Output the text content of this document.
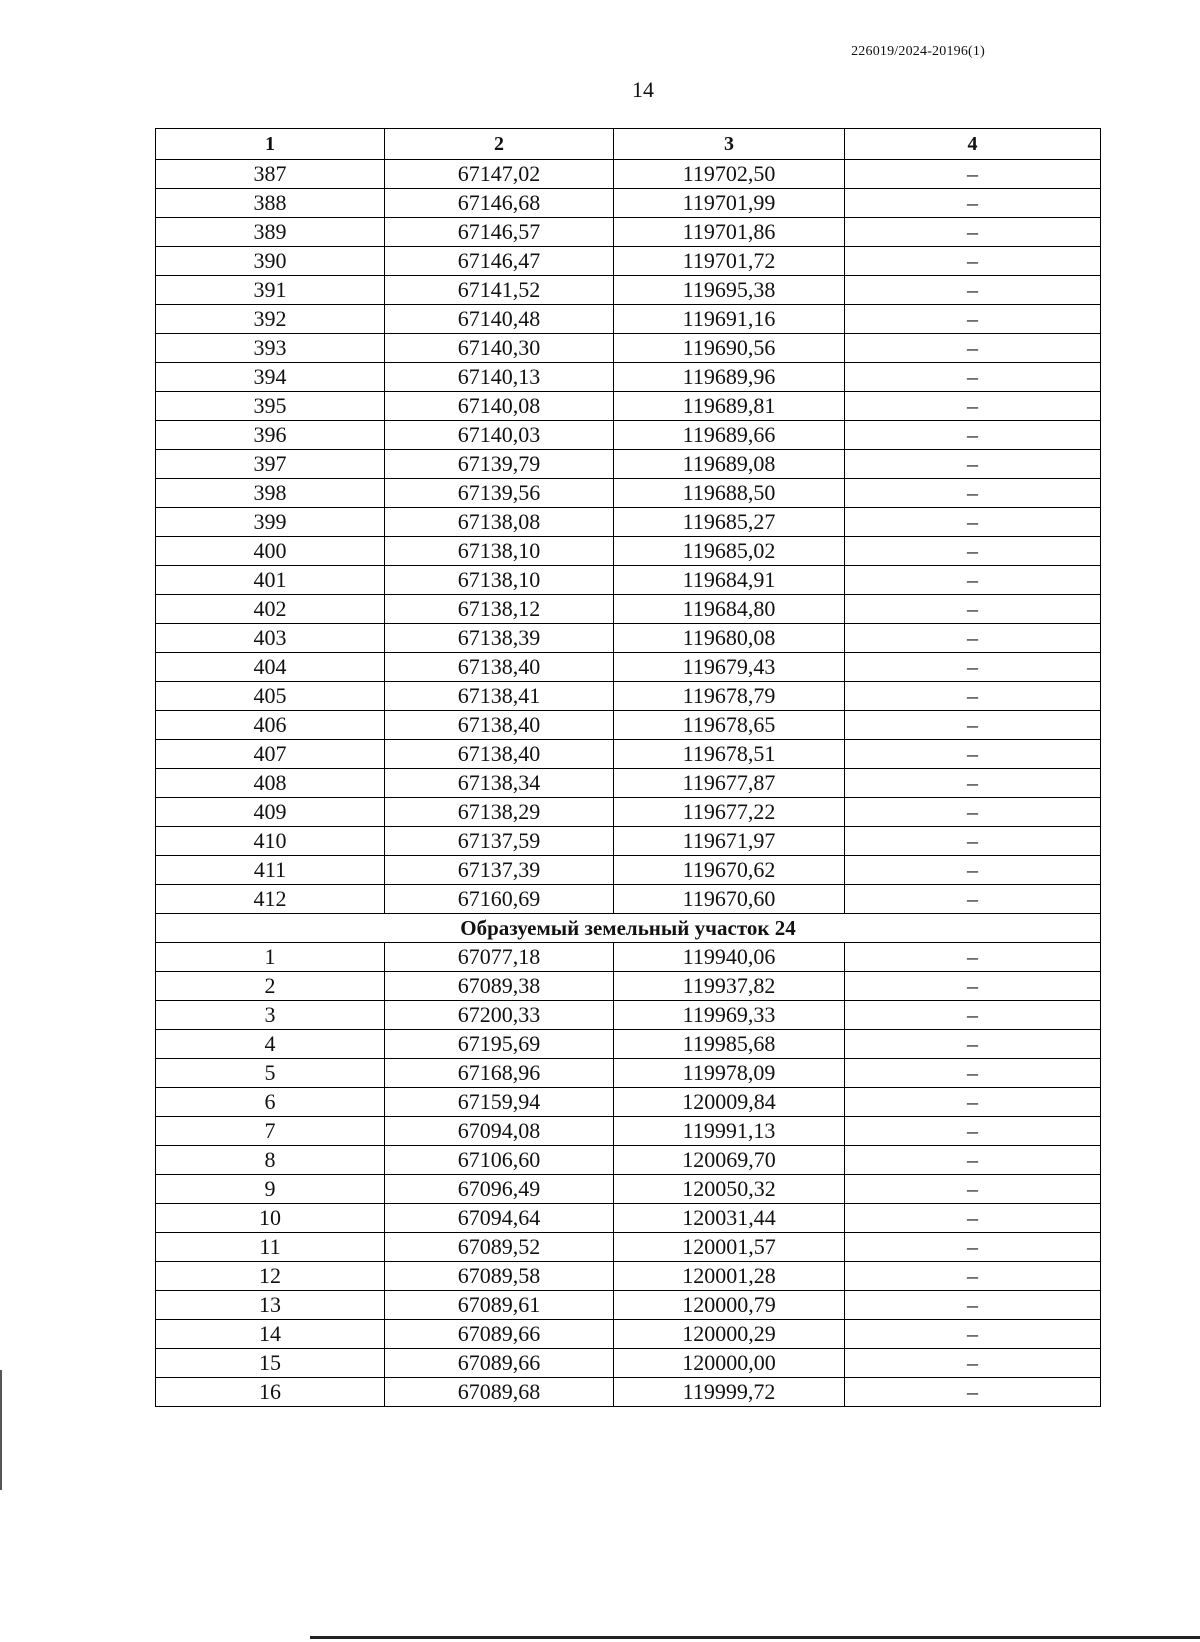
226019/2024-20196(1)
14
1	2	3	4
387	67147,02	119702,50	–
388	67146,68	119701,99	–
389	67146,57	119701,86	–
390	67146,47	119701,72	–
391	67141,52	119695,38	–
392	67140,48	119691,16	–
393	67140,30	119690,56	–
394	67140,13	119689,96	–
395	67140,08	119689,81	–
396	67140,03	119689,66	–
397	67139,79	119689,08	–
398	67139,56	119688,50	–
399	67138,08	119685,27	–
400	67138,10	119685,02	–
401	67138,10	119684,91	–
402	67138,12	119684,80	–
403	67138,39	119680,08	–
404	67138,40	119679,43	–
405	67138,41	119678,79	–
406	67138,40	119678,65	–
407	67138,40	119678,51	–
408	67138,34	119677,87	–
409	67138,29	119677,22	–
410	67137,59	119671,97	–
411	67137,39	119670,62	–
412	67160,69	119670,60	–
Образуемый земельный участок 24			
1	67077,18	119940,06	–
2	67089,38	119937,82	–
3	67200,33	119969,33	–
4	67195,69	119985,68	–
5	67168,96	119978,09	–
6	67159,94	120009,84	–
7	67094,08	119991,13	–
8	67106,60	120069,70	–
9	67096,49	120050,32	–
10	67094,64	120031,44	–
11	67089,52	120001,57	–
12	67089,58	120001,28	–
13	67089,61	120000,79	–
14	67089,66	120000,29	–
15	67089,66	120000,00	–
16	67089,68	119999,72	–
